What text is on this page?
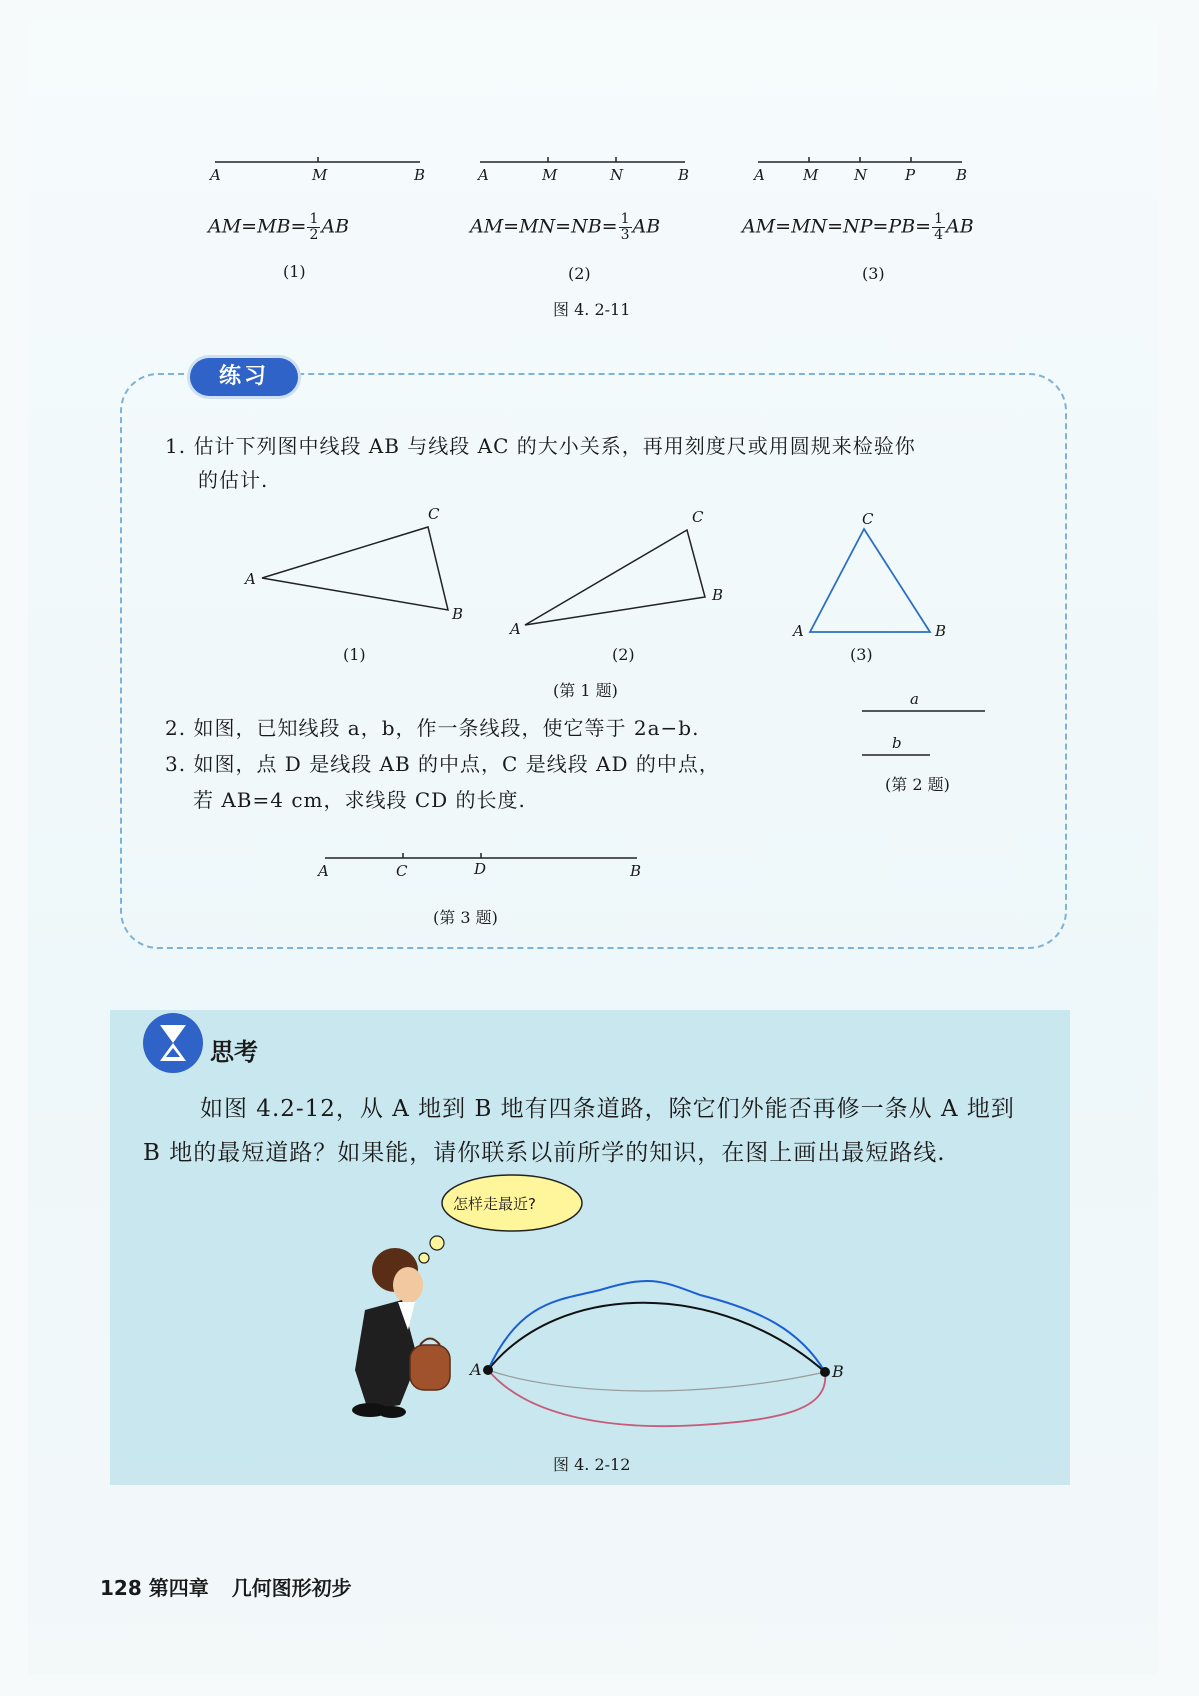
A	M	B	A	M	N	B	A	M N	P	B
$AM=MB= \frac{1}{2}$ AB	$AM=MN=NB= \frac{1}{3}$ AB	$AM=MN=NP=PB= \frac{1}{4}$ AB
(1)	(2)	(3)
图 4. 2-11
练习
1. 估计下列图中线段 AB 与线段 AC 的大小关系，再用刻度尺或用圆规来检验你
的估计.
A
B
C
A
B
C
A	B
C
(1)	(2)	(3)
(第 1 题)
2. 如图，已知线段 a，b，作一条线段，使它等于 2a−b.
a
b
(第 2 题)
3. 如图，点 D 是线段 AB 的中点，C 是线段 AD 的中点，
若 AB=4 cm，求线段 CD 的长度.
A	C	D	B
(第 3 题)
思考
如图 4.2-12，从 A 地到 B 地有四条道路，除它们外能否再修一条从 A 地到
B 地的最短道路？如果能，请你联系以前所学的知识，在图上画出最短路线.
怎样走最近?
A	B
图 4. 2-12
128 第四章 几何图形初步
